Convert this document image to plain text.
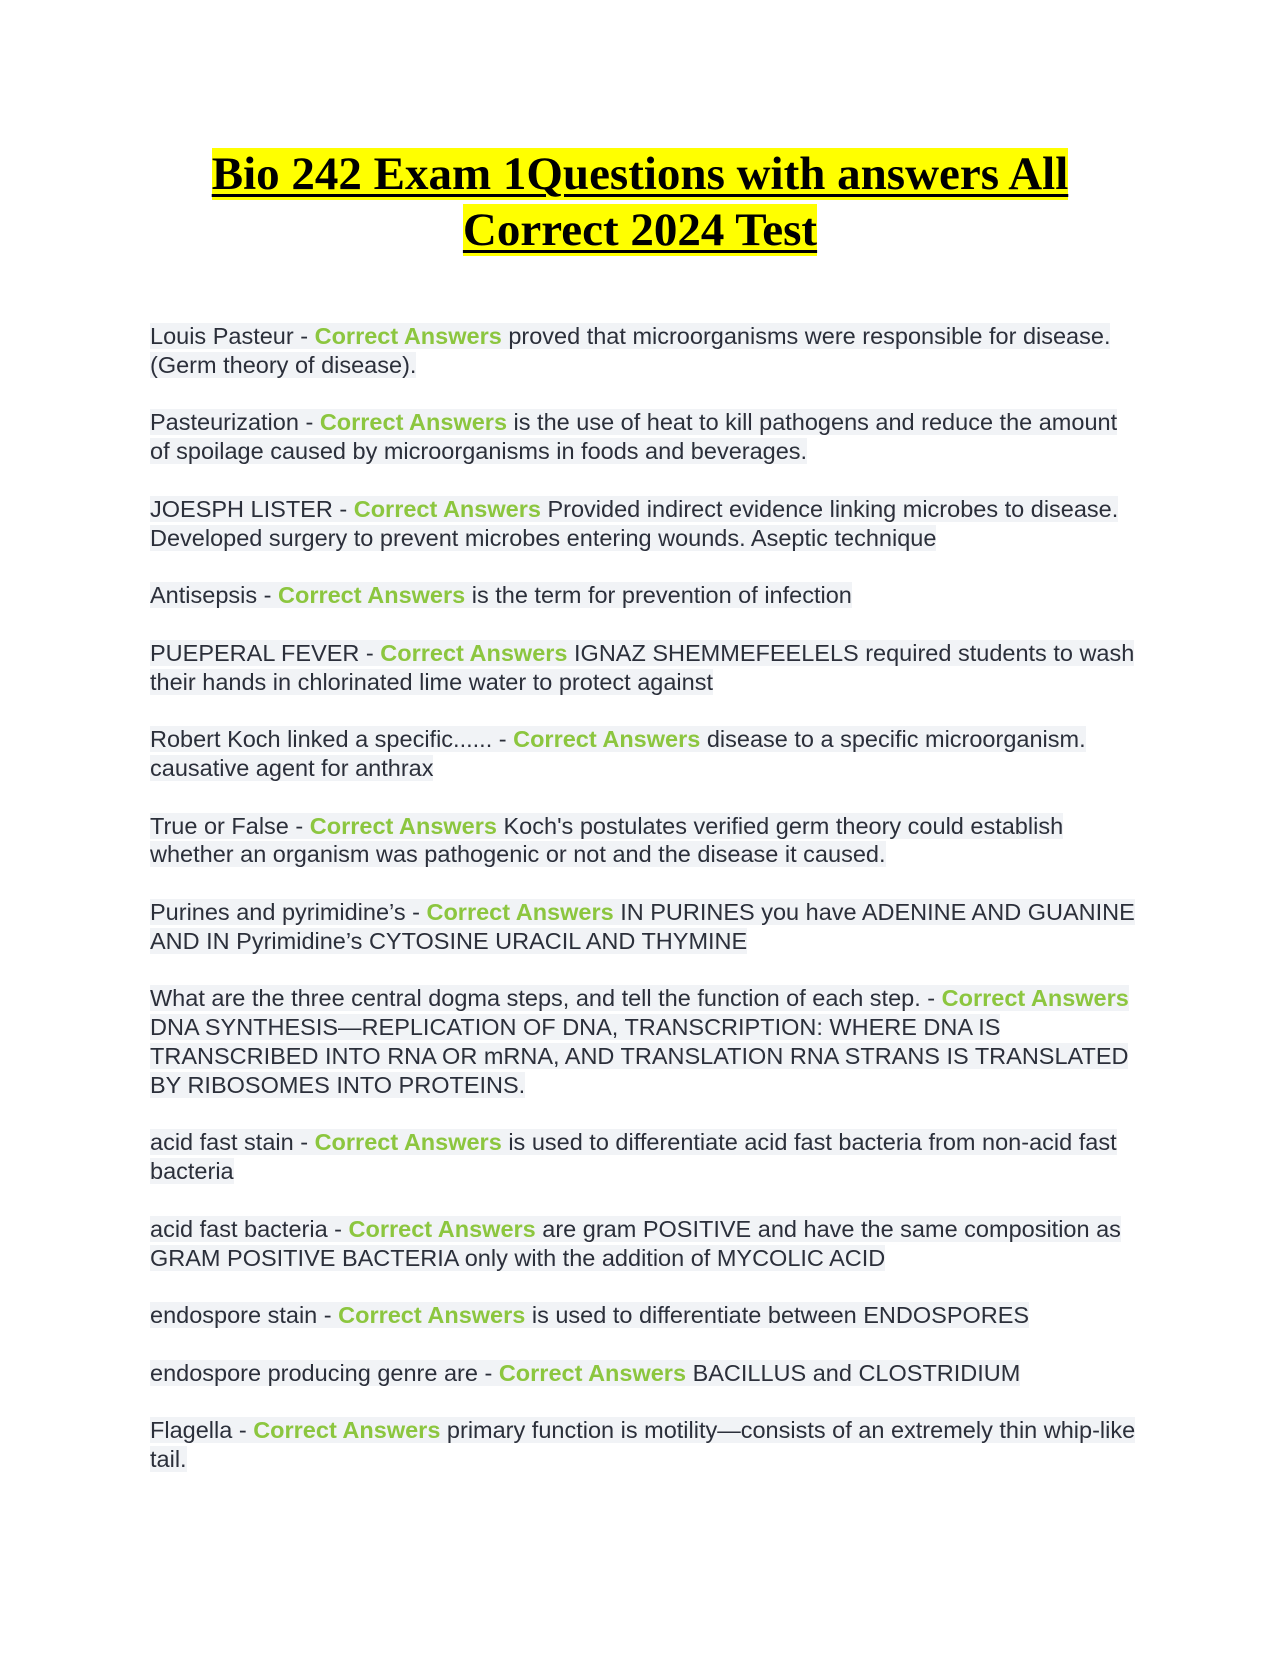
Bio 242 Exam 1Questions with answers All
Correct 2024 Test
Louis Pasteur - Correct Answers proved that microorganisms were responsible for disease. (Germ theory of disease).
Pasteurization - Correct Answers is the use of heat to kill pathogens and reduce the amount of spoilage caused by microorganisms in foods and beverages.
JOESPH LISTER - Correct Answers Provided indirect evidence linking microbes to disease. Developed surgery to prevent microbes entering wounds. Aseptic technique
Antisepsis - Correct Answers is the term for prevention of infection
PUEPERAL FEVER - Correct Answers IGNAZ SHEMMEFEELELS required students to wash their hands in chlorinated lime water to protect against
Robert Koch linked a specific...... - Correct Answers disease to a specific microorganism. causative agent for anthrax
True or False - Correct Answers Koch's postulates verified germ theory could establish whether an organism was pathogenic or not and the disease it caused.
Purines and pyrimidine’s - Correct Answers IN PURINES you have ADENINE AND GUANINE AND IN Pyrimidine’s CYTOSINE URACIL AND THYMINE
What are the three central dogma steps, and tell the function of each step. - Correct Answers DNA SYNTHESIS—REPLICATION OF DNA, TRANSCRIPTION: WHERE DNA IS TRANSCRIBED INTO RNA OR mRNA, AND TRANSLATION RNA STRANS IS TRANSLATED BY RIBOSOMES INTO PROTEINS.
acid fast stain - Correct Answers is used to differentiate acid fast bacteria from non-acid fast bacteria
acid fast bacteria - Correct Answers are gram POSITIVE and have the same composition as GRAM POSITIVE BACTERIA only with the addition of MYCOLIC ACID
endospore stain - Correct Answers is used to differentiate between ENDOSPORES
endospore producing genre are - Correct Answers BACILLUS and CLOSTRIDIUM
Flagella - Correct Answers primary function is motility—consists of an extremely thin whip-like tail.
